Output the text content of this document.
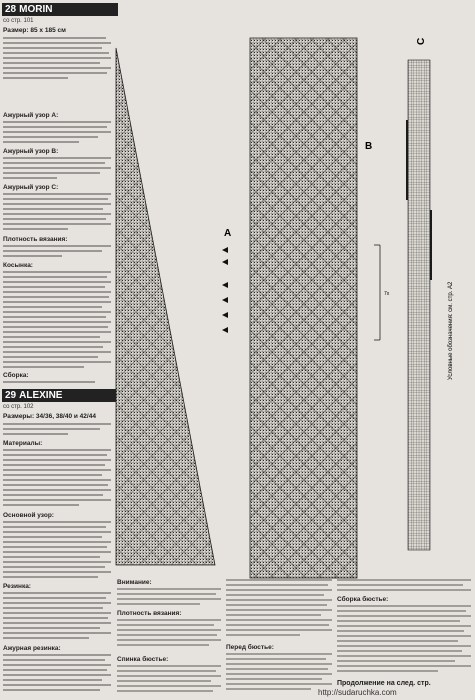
28 MORIN
со стр. 101
Размер: 85 x 185 см
Ажурный узор А:
Ажурный узор В:
Ажурный узор С:
Плотность вязания:
Косынка:
Сборка:
29 ALEXINE
со стр. 102
Размеры: 34/36, 38/40 и 42/44
Материалы:
Основной узор:
Резинка:
Ажурная резинка:
A
B
7х
C
Условные обозначения: см. стр. А2
Внимание:
Плотность вязания:
Спинка бюстье:
Перед бюстье:
Сборка бюстье:
Продолжение на след. стр.
http://sudaruchka.com
